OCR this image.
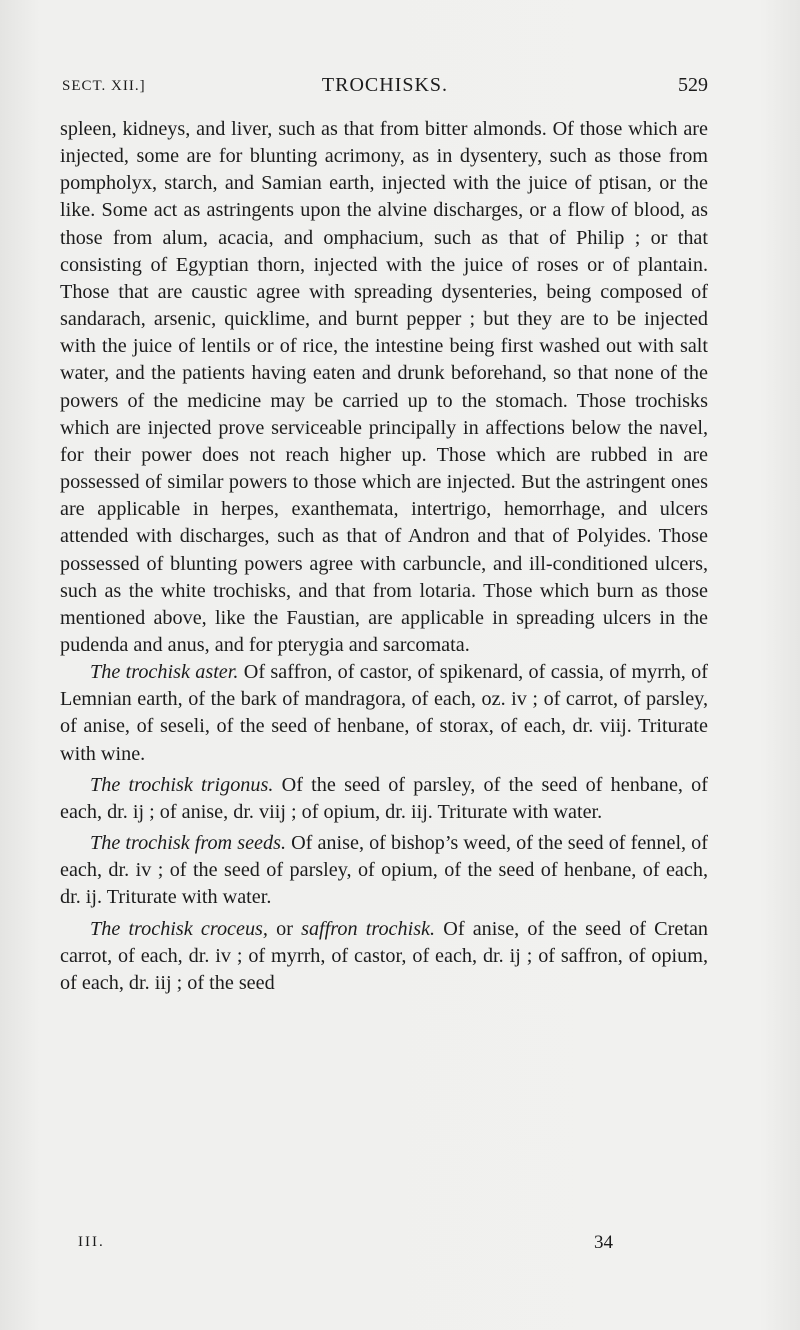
SECT. XII.]	TROCHISKS.	529

spleen, kidneys, and liver, such as that from bitter almonds. Of those which are injected, some are for blunting acrimony, as in dysentery, such as those from pompholyx, starch, and Samian earth, injected with the juice of ptisan, or the like. Some act as astringents upon the alvine discharges, or a flow of blood, as those from alum, acacia, and omphacium, such as that of Philip ; or that consisting of Egyptian thorn, injected with the juice of roses or of plantain. Those that are caustic agree with spreading dysenteries, being composed of sandarach, arsenic, quicklime, and burnt pepper ; but they are to be injected with the juice of lentils or of rice, the intestine being first washed out with salt water, and the patients having eaten and drunk beforehand, so that none of the powers of the medicine may be carried up to the stomach. Those trochisks which are injected prove serviceable principally in affections below the navel, for their power does not reach higher up. Those which are rubbed in are possessed of similar powers to those which are injected. But the astringent ones are applicable in herpes, exanthemata, intertrigo, hemorrhage, and ulcers attended with discharges, such as that of Andron and that of Polyides. Those possessed of blunting powers agree with carbuncle, and ill-conditioned ulcers, such as the white trochisks, and that from lotaria. Those which burn as those mentioned above, like the Faustian, are applicable in spreading ulcers in the pudenda and anus, and for pterygia and sarcomata.

The trochisk aster. Of saffron, of castor, of spikenard, of cassia, of myrrh, of Lemnian earth, of the bark of mandragora, of each, oz. iv ; of carrot, of parsley, of anise, of seseli, of the seed of henbane, of storax, of each, dr. viij. Triturate with wine.

The trochisk trigonus. Of the seed of parsley, of the seed of henbane, of each, dr. ij ; of anise, dr. viij ; of opium, dr. iij. Triturate with water.

The trochisk from seeds. Of anise, of bishop’s weed, of the seed of fennel, of each, dr. iv ; of the seed of parsley, of opium, of the seed of henbane, of each, dr. ij. Triturate with water.

The trochisk croceus, or saffron trochisk. Of anise, of the seed of Cretan carrot, of each, dr. iv ; of myrrh, of castor, of each, dr. ij ; of saffron, of opium, of each, dr. iij ; of the seed

III.	34
